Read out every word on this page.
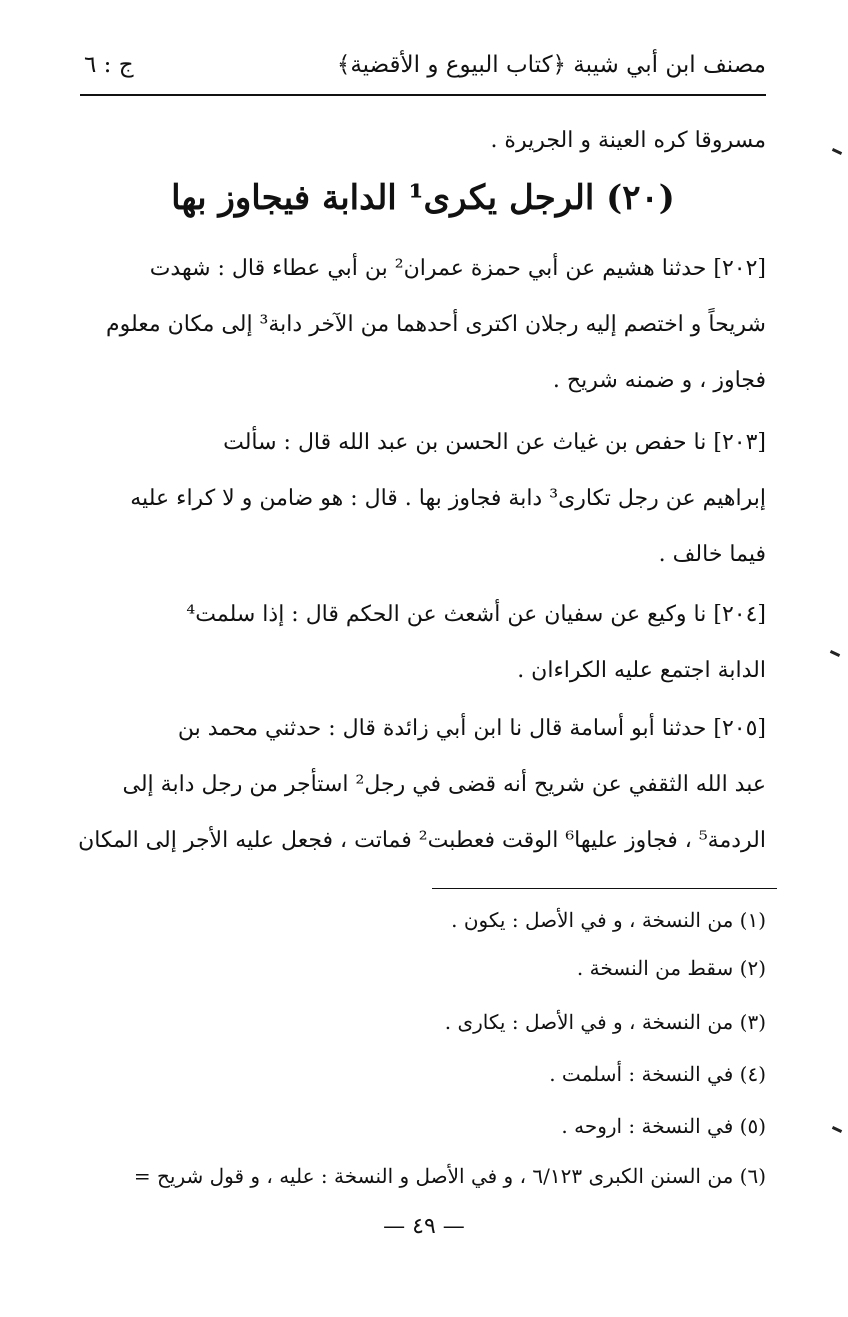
مصنف ابن أبي شيبة
﴿كتاب البيوع و الأقضية﴾
ج : ٦
مسروقا كره العينة و الجريرة .
(٢٠) الرجل يكرى¹ الدابة فيجاوز بها
[٢٠٢] حدثنا هشيم عن أبي حمزة عمران² بن أبي عطاء قال : شهدت
شريحاً و اختصم إليه رجلان اكترى أحدهما من الآخر دابة³ إلى مكان معلوم
فجاوز ، و ضمنه شريح .
[٢٠٣] نا حفص بن غياث عن الحسن بن عبد الله قال : سألت
إبراهيم عن رجل تكارى³ دابة فجاوز بها . قال : هو ضامن و لا كراء عليه
فيما خالف .
[٢٠٤] نا وكيع عن سفيان عن أشعث عن الحكم قال : إذا سلمت⁴
الدابة اجتمع عليه الكراءان .
[٢٠٥] حدثنا أبو أسامة قال نا ابن أبي زائدة قال : حدثني محمد بن
عبد الله الثقفي عن شريح أنه قضى في رجل² استأجر من رجل دابة إلى
الردمة⁵ ، فجاوز عليها⁶ الوقت فعطبت² فماتت ، فجعل عليه الأجر إلى المكان
(١) من النسخة ، و في الأصل : يكون .
(٢) سقط من النسخة .
(٣) من النسخة ، و في الأصل : يكارى .
(٤) في النسخة : أسلمت .
(٥) في النسخة : اروحه .
(٦) من السنن الكبرى ٦/١٢٣ ، و في الأصل و النسخة : عليه ، و قول شريح =
— ٤٩ —
